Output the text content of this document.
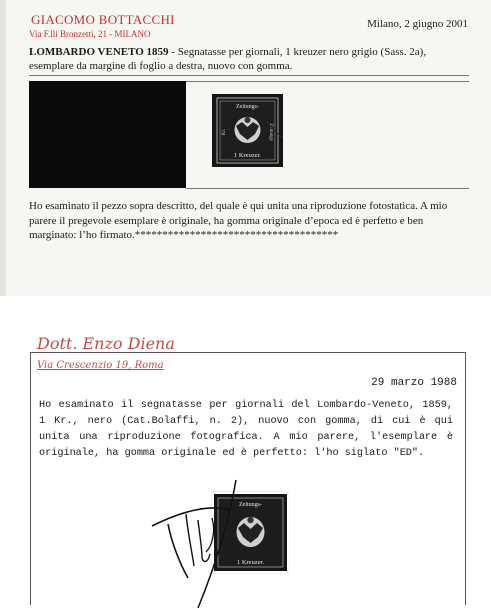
GIACOMO BOTTACCHI
Via F.lli Bronzetti, 21 - MILANO
Milano, 2 giugno 2001
LOMBARDO VENETO 1859 - Segnatasse per giornali, 1 kreuzer nero grigio (Sass. 2a), esemplare da margine di foglio a destra, nuovo con gomma.
Zeitungs-
1 Kreuzer.
Kr.	Zeitungs
Ho esaminato il pezzo sopra descritto, del quale è qui unita una riproduzione fotostatica. A mio parere il pregevole esemplare è originale, ha gomma originale d’epoca ed è perfetto e ben marginato: l’ho firmato.*************************************
Dott. Enzo Diena
Via Crescenzio 19, Roma
29 marzo 1988
Ho esaminato il segnatasse per giornali del Lombardo-Veneto, 1859, 1 Kr., nero (Cat.Bolaffi, n. 2), nuovo con gomma, di cui è qui unita una riproduzione fotografica. A mio parere, l'esemplare è originale, ha gomma originale ed è perfetto: l'ho siglato "ED".
Zeitungs-
1 Kreuzer.
